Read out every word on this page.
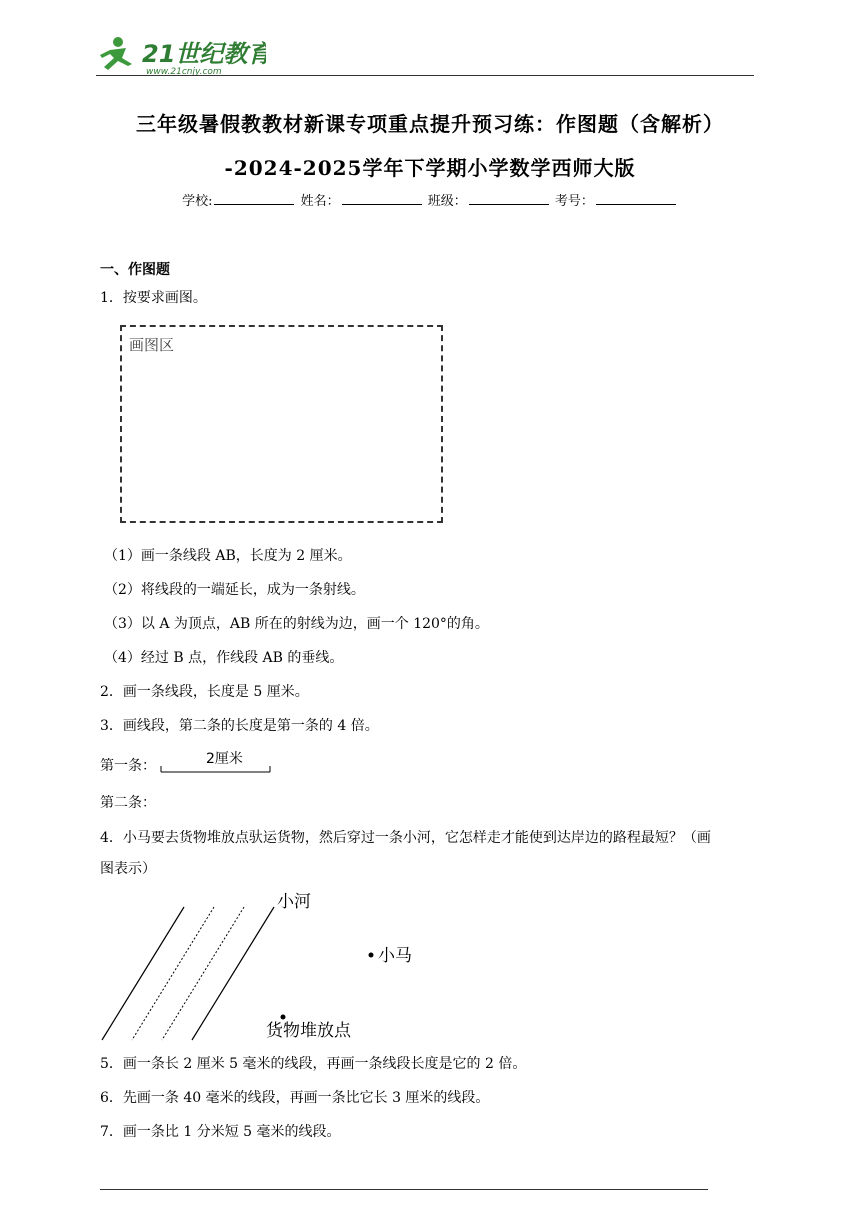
21世纪教育
www.21cnjy.com
三年级暑假教教材新课专项重点提升预习练：作图题（含解析）
-2024-2025学年下学期小学数学西师大版
学校:	姓名：	班级：	考号：
一、作图题
1．按要求画图。
画图区
（1）画一条线段 AB，长度为 2 厘米。
（2）将线段的一端延长，成为一条射线。
（3）以 A 为顶点，AB 所在的射线为边，画一个 120°的角。
（4）经过 B 点，作线段 AB 的垂线。
2．画一条线段，长度是 5 厘米。
3．画线段，第二条的长度是第一条的 4 倍。
第一条：	2厘米
第二条：
4．小马要去货物堆放点驮运货物，然后穿过一条小河，它怎样走才能使到达岸边的路程最短？（画
图表示）
小河
小马
货物堆放点
5．画一条长 2 厘米 5 毫米的线段，再画一条线段长度是它的 2 倍。
6．先画一条 40 毫米的线段，再画一条比它长 3 厘米的线段。
7．画一条比 1 分米短 5 毫米的线段。
